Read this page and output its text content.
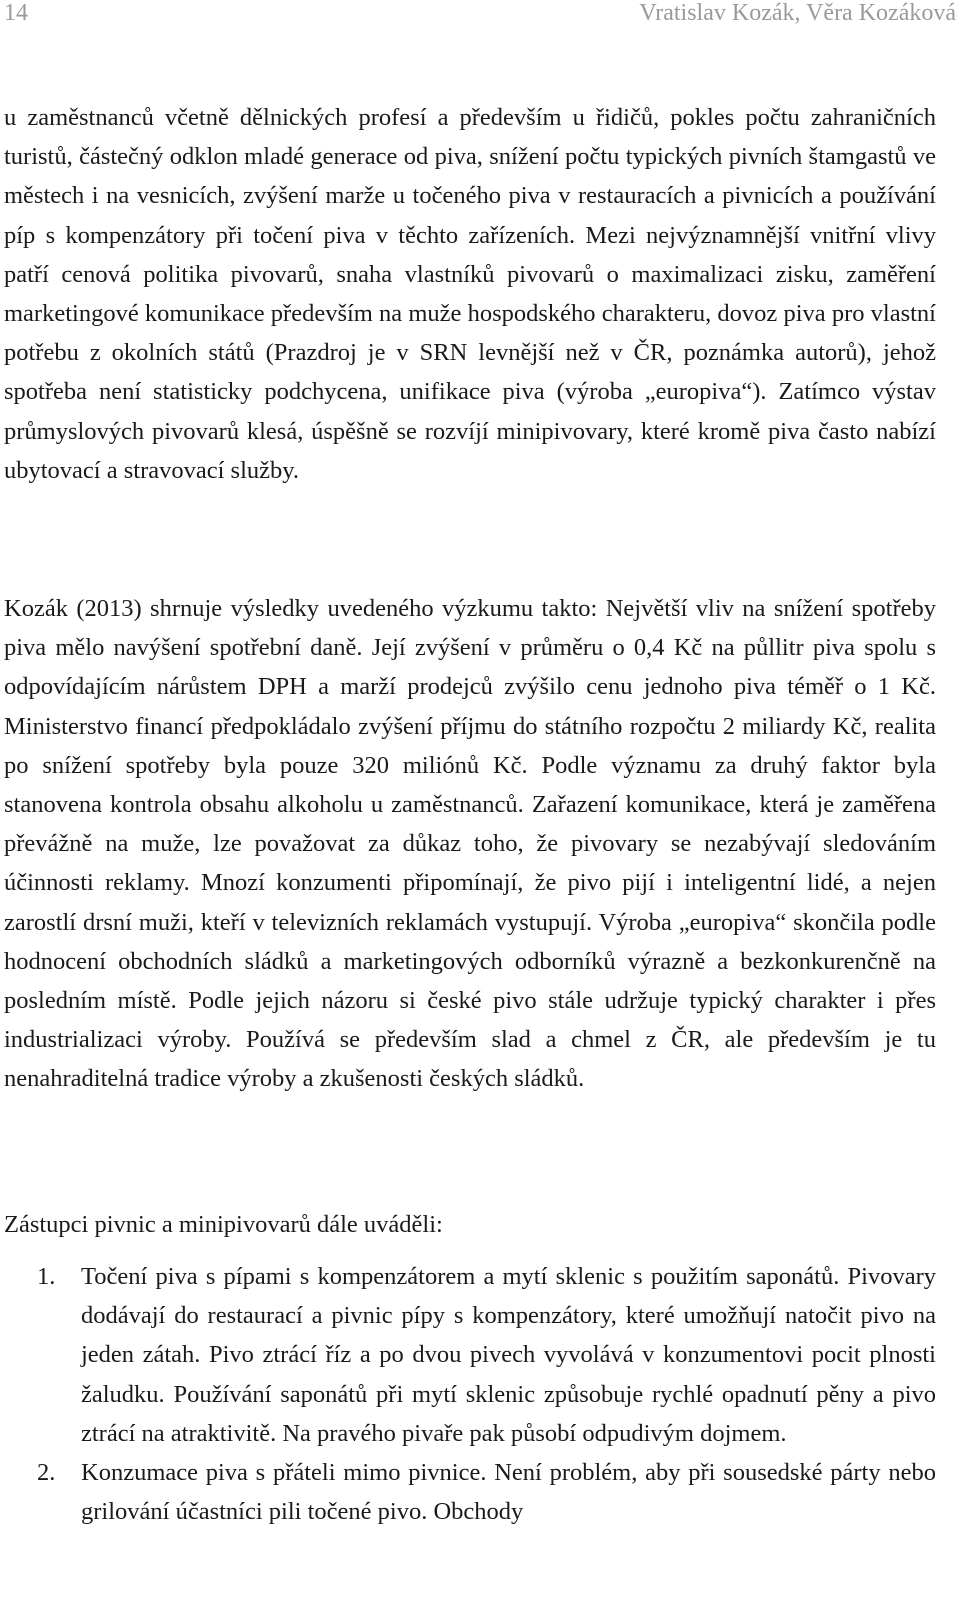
14	Vratislav Kozák, Věra Kozáková

u zaměstnanců včetně dělnických profesí a především u řidičů, pokles počtu zahraničních turistů, částečný odklon mladé generace od piva, snížení počtu typických pivních štamgastů ve městech i na vesnicích, zvýšení marže u točeného piva v restauracích a pivnicích a používání píp s kompenzátory při točení piva v těchto zařízeních. Mezi nejvýznamnější vnitřní vlivy patří cenová politika pivovarů, snaha vlastníků pivovarů o maximalizaci zisku, zaměření marketingové komunikace především na muže hospodského charakteru, dovoz piva pro vlastní potřebu z okolních států (Prazdroj je v SRN levnější než v ČR, poznámka autorů), jehož spotřeba není statisticky podchycena, unifikace piva (výroba „europiva“). Zatímco výstav průmyslových pivovarů klesá, úspěšně se rozvíjí minipivovary, které kromě piva často nabízí ubytovací a stravovací služby.

Kozák (2013) shrnuje výsledky uvedeného výzkumu takto: Největší vliv na snížení spotřeby piva mělo navýšení spotřební daně. Její zvýšení v průměru o 0,4 Kč na půllitr piva spolu s odpovídajícím nárůstem DPH a marží prodejců zvýšilo cenu jednoho piva téměř o 1 Kč. Ministerstvo financí předpokládalo zvýšení příjmu do státního rozpočtu 2 miliardy Kč, realita po snížení spotřeby byla pouze 320 miliónů Kč. Podle významu za druhý faktor byla stanovena kontrola obsahu alkoholu u zaměstnanců. Zařazení komunikace, která je zaměřena převážně na muže, lze považovat za důkaz toho, že pivovary se nezabývají sledováním účinnosti reklamy. Mnozí konzumenti připomínají, že pivo pijí i inteligentní lidé, a nejen zarostlí drsní muži, kteří v televizních reklamách vystupují. Výroba „europiva“ skončila podle hodnocení obchodních sládků a marketingových odborníků výrazně a bezkonkurenčně na posledním místě. Podle jejich názoru si české pivo stále udržuje typický charakter i přes industrializaci výroby. Používá se především slad a chmel z ČR, ale především je tu nenahraditelná tradice výroby a zkušenosti českých sládků.

Zástupci pivnic a minipivovarů dále uváděli:

1. Točení piva s pípami s kompenzátorem a mytí sklenic s použitím saponátů. Pivovary dodávají do restaurací a pivnic pípy s kompenzátory, které umožňují natočit pivo na jeden zátah. Pivo ztrácí říz a po dvou pivech vyvolává v konzumentovi pocit plnosti žaludku. Používání saponátů při mytí sklenic způsobuje rychlé opadnutí pěny a pivo ztrácí na atraktivitě. Na pravého pivaře pak působí odpudivým dojmem.
2. Konzumace piva s přáteli mimo pivnice. Není problém, aby při sousedské párty nebo grilování účastníci pili točené pivo. Obchody
